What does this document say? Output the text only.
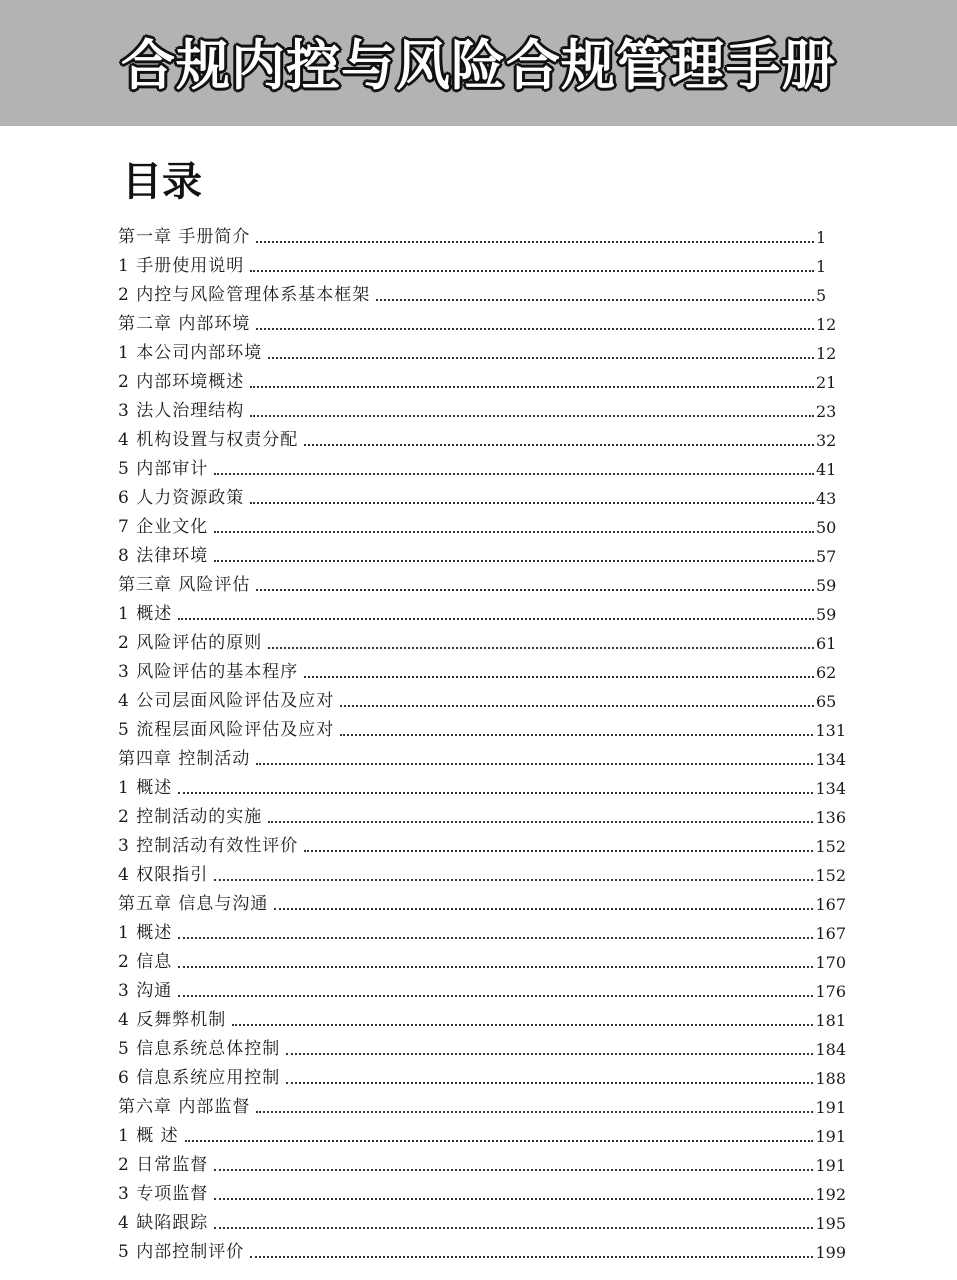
合规内控与风险合规管理手册
目录
第一章 手册简介	1
1 手册使用说明	1
2 内控与风险管理体系基本框架	5
第二章 内部环境	12
1 本公司内部环境	12
2 内部环境概述	21
3 法人治理结构	23
4 机构设置与权责分配	32
5 内部审计	41
6 人力资源政策	43
7 企业文化	50
8 法律环境	57
第三章 风险评估	59
1 概述	59
2 风险评估的原则	61
3 风险评估的基本程序	62
4 公司层面风险评估及应对	65
5 流程层面风险评估及应对	131
第四章 控制活动	134
1 概述	134
2 控制活动的实施	136
3 控制活动有效性评价	152
4 权限指引	152
第五章 信息与沟通	167
1 概述	167
2 信息	170
3 沟通	176
4 反舞弊机制	181
5 信息系统总体控制	184
6 信息系统应用控制	188
第六章 内部监督	191
1 概 述	191
2 日常监督	191
3 专项监督	192
4 缺陷跟踪	195
5 内部控制评价	199
